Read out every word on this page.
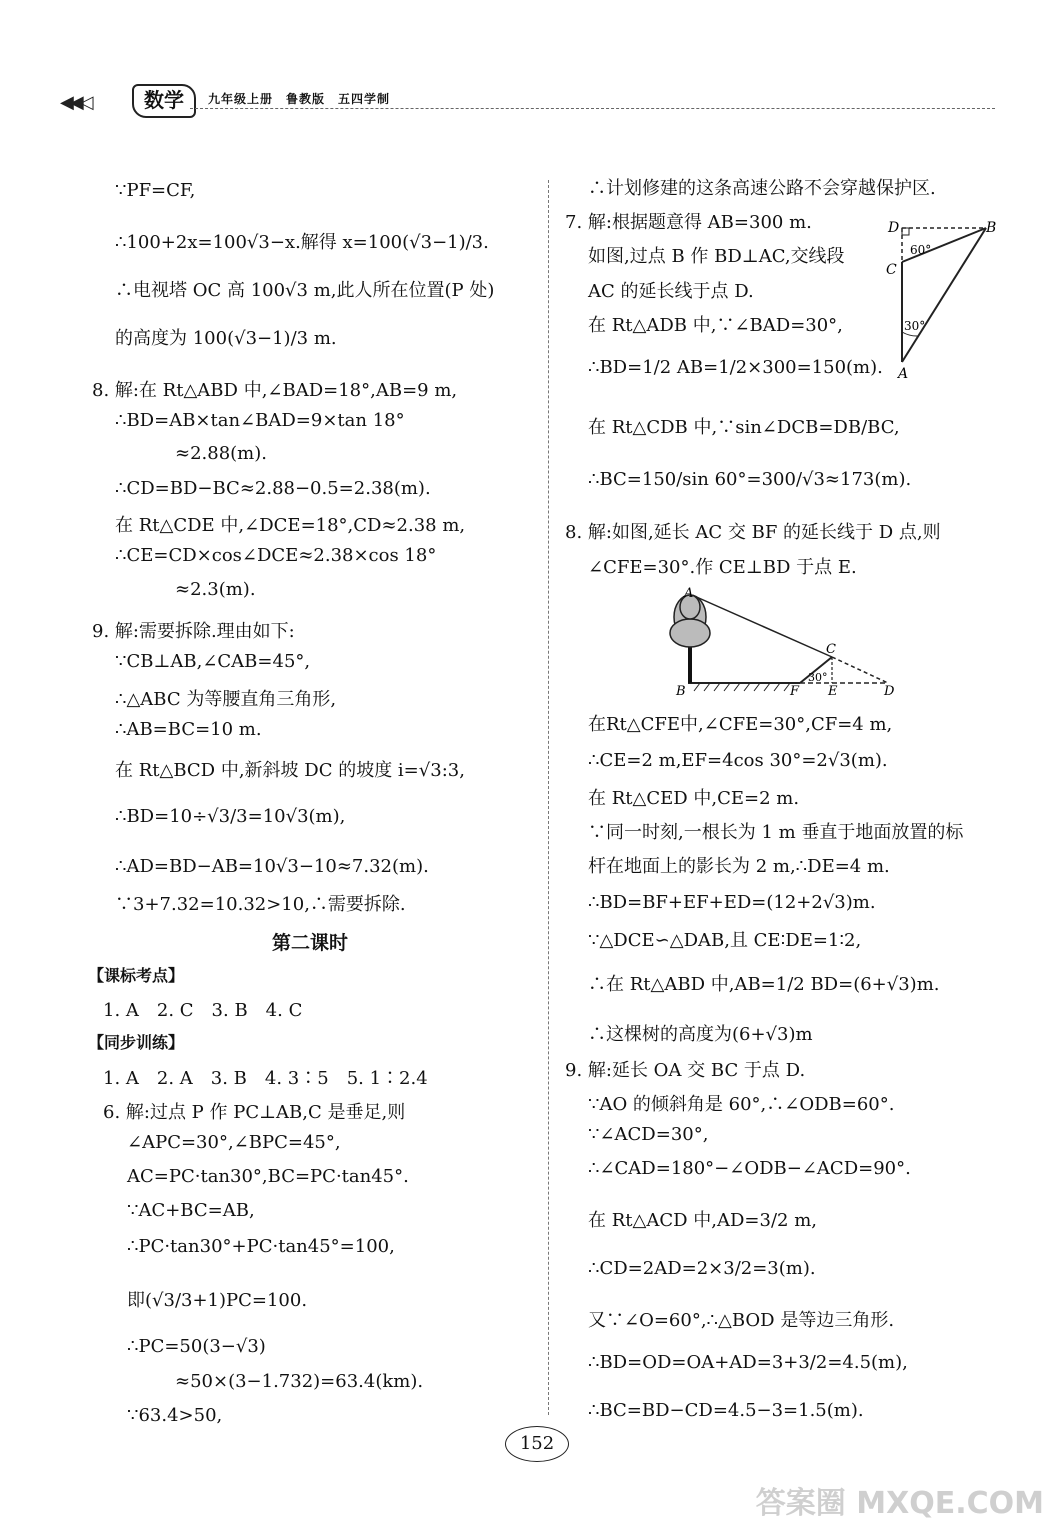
◀◀◁	数学	九年级上册　鲁教版　五四学制
∵PF=CF,
∴100+2x=100√3−x.解得 x=100(√3−1)/3.
∴电视塔 OC 高 100√3 m,此人所在位置(P 处)
的高度为 100(√3−1)/3 m.
8. 解:在 Rt△ABD 中,∠BAD=18°,AB=9 m,
∴BD=AB×tan∠BAD=9×tan 18°
≈2.88(m).
∴CD=BD−BC≈2.88−0.5=2.38(m).
在 Rt△CDE 中,∠DCE=18°,CD≈2.38 m,
∴CE=CD×cos∠DCE≈2.38×cos 18°
≈2.3(m).
9. 解:需要拆除.理由如下:
∵CB⊥AB,∠CAB=45°,
∴△ABC 为等腰直角三角形,
∴AB=BC=10 m.
在 Rt△BCD 中,新斜坡 DC 的坡度 i=√3:3,
∴BD=10÷√3/3=10√3(m),
∴AD=BD−AB=10√3−10≈7.32(m).
∵3+7.32=10.32>10,∴需要拆除.
第二课时
【课标考点】
1. A　2. C　3. B　4. C
【同步训练】
1. A　2. A　3. B　4. 3∶5　5. 1∶2.4
6. 解:过点 P 作 PC⊥AB,C 是垂足,则
∠APC=30°,∠BPC=45°,
AC=PC·tan30°,BC=PC·tan45°.
∵AC+BC=AB,
∴PC·tan30°+PC·tan45°=100,
即(√3/3+1)PC=100.
∴PC=50(3−√3)
≈50×(3−1.732)=63.4(km).
∵63.4>50,
∴计划修建的这条高速公路不会穿越保护区.
7. 解:根据题意得 AB=300 m.
如图,过点 B 作 BD⊥AC,交线段
AC 的延长线于点 D.
在 Rt△ADB 中,∵∠BAD=30°,
∴BD=1/2 AB=1/2×300=150(m).
在 Rt△CDB 中,∵sin∠DCB=DB/BC,
∴BC=150/sin 60°=300/√3≈173(m).
8. 解:如图,延长 AC 交 BF 的延长线于 D 点,则
∠CFE=30°.作 CE⊥BD 于点 E.
在Rt△CFE中,∠CFE=30°,CF=4 m,
∴CE=2 m,EF=4cos 30°=2√3(m).
在 Rt△CED 中,CE=2 m.
∵同一时刻,一根长为 1 m 垂直于地面放置的标
杆在地面上的影长为 2 m,∴DE=4 m.
∴BD=BF+EF+ED=(12+2√3)m.
∵△DCE∽△DAB,且 CE∶DE=1∶2,
∴在 Rt△ABD 中,AB=1/2 BD=(6+√3)m.
∴这棵树的高度为(6+√3)m
9. 解:延长 OA 交 BC 于点 D.
∵AO 的倾斜角是 60°,∴∠ODB=60°.
∵∠ACD=30°,
∴∠CAD=180°−∠ODB−∠ACD=90°.
在 Rt△ACD 中,AD=3/2 m,
∴CD=2AD=2×3/2=3(m).
又∵∠O=60°,∴△BOD 是等边三角形.
∴BD=OD=OA+AD=3+3/2=4.5(m),
∴BC=BD−CD=4.5−3=1.5(m).
D	B
C
A
60°
30°
A
C
B	F E	D
30°
152
答案圈 MXQE.COM
